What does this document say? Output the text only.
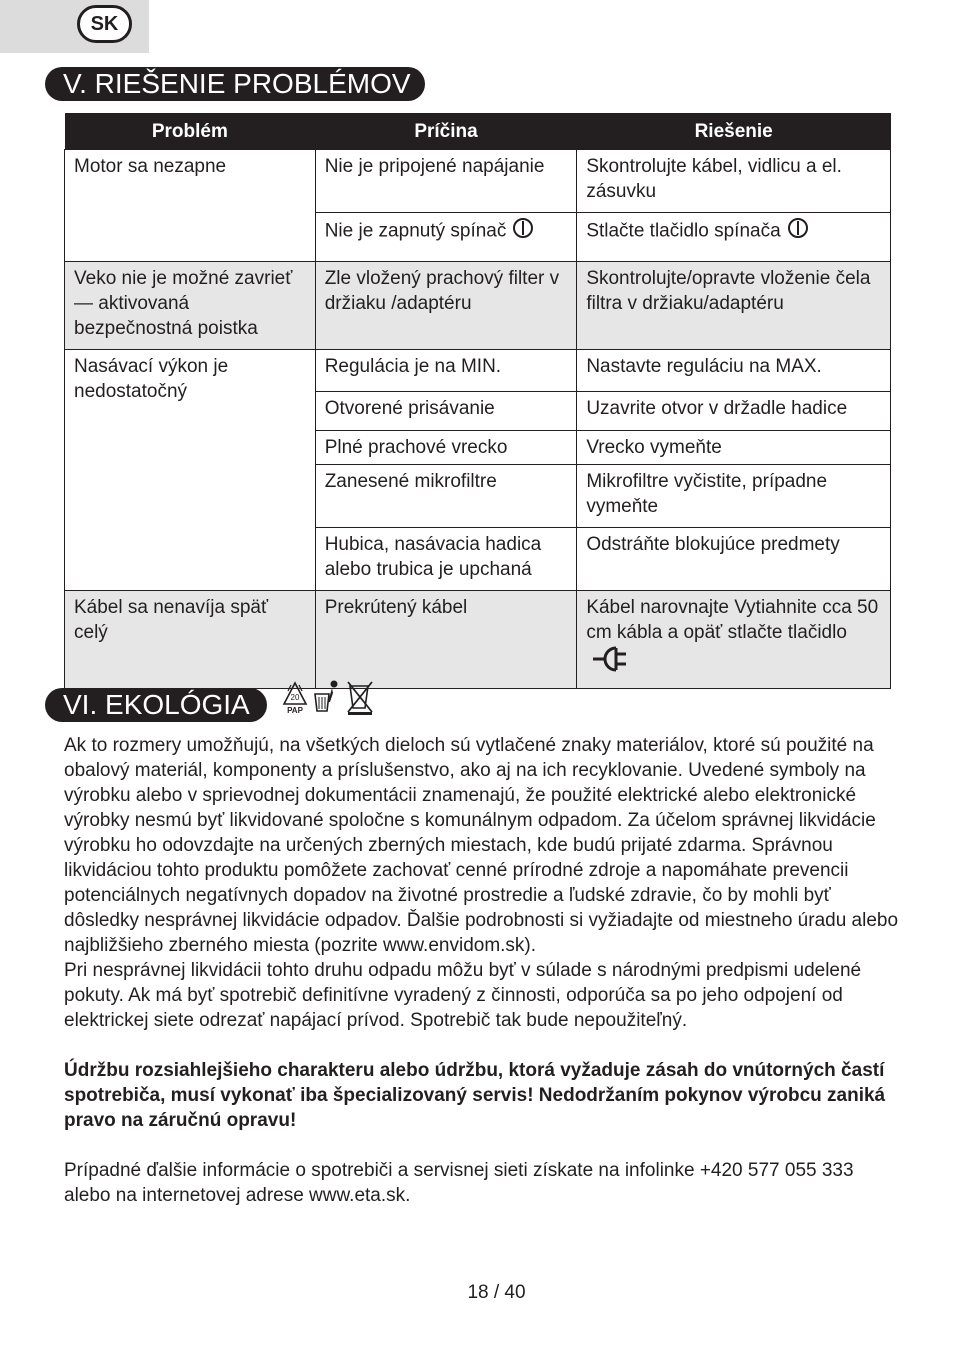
SK
V. RIEŠENIE PROBLÉMOV
Problém	Príčina	Riešenie
Motor sa nezapne	Nie je pripojené napájanie	Skontrolujte kábel, vidlicu a el. zásuvku
	Nie je zapnutý spínač	Stlačte tlačidlo spínača
Veko nie je možné zavrieť — aktivovaná bezpečnostná poistka	Zle vložený prachový filter v držiaku /adaptéru	Skontrolujte/opravte vloženie čela filtra v držiaku/adaptéru
Nasávací výkon je nedostatočný	Regulácia je na MIN.	Nastavte reguláciu na MAX.
	Otvorené prisávanie	Uzavrite otvor v držadle hadice
	Plné prachové vrecko	Vrecko vymeňte
	Zanesené mikrofiltre	Mikrofiltre vyčistite, prípadne vymeňte
	Hubica, nasávacia hadica alebo trubica je upchaná	Odstráňte blokujúce predmety
Kábel sa nenavíja späť celý	Prekrútený kábel	Kábel narovnajte Vytiahnite cca 50 cm kábla a opäť stlačte tlačidlo
VI. EKOLÓGIA	20
PAP

Ak to rozmery umožňujú, na všetkých dieloch sú vytlačené znaky materiálov, ktoré sú použité na obalový materiál, komponenty a príslušenstvo, ako aj na ich recyklovanie. Uvedené symboly na výrobku alebo v sprievodnej dokumentácii znamenajú, že použité elektrické alebo elektronické výrobky nesmú byť likvidované spoločne s komunálnym odpadom. Za účelom správnej likvidácie výrobku ho odovzdajte na určených zberných miestach, kde budú prijaté zdarma. Správnou likvidáciou tohto produktu pomôžete zachovať cenné prírodné zdroje a napomáhate prevencii potenciálnych negatívnych dopadov na životné prostredie a ľudské zdravie, čo by mohli byť dôsledky nesprávnej likvidácie odpadov. Ďalšie podrobnosti si vyžiadajte od miestneho úradu alebo najbližšieho zberného miesta (pozrite www.envidom.sk).

Pri nesprávnej likvidácii tohto druhu odpadu môžu byť v súlade s národnými predpismi udelené pokuty. Ak má byť spotrebič definitívne vyradený z činnosti, odporúča sa po jeho odpojení od elektrickej siete odrezať napájací prívod. Spotrebič tak bude nepoužiteľný.

Údržbu rozsiahlejšieho charakteru alebo údržbu, ktorá vyžaduje zásah do vnútorných častí spotrebiča, musí vykonať iba špecializovaný servis! Nedodržaním pokynov výrobcu zaniká pravo na záručnú opravu!

Prípadné ďalšie informácie o spotrebiči a servisnej sieti získate na infolinke +420 577 055 333 alebo na internetovej adrese www.eta.sk.

18 / 40
